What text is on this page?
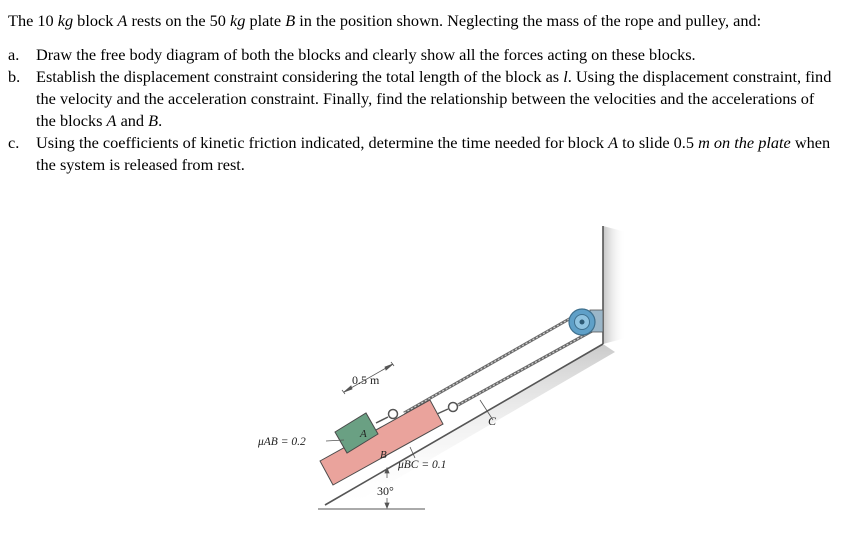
The 10 kg block A rests on the 50 kg plate B in the position shown. Neglecting the mass of the rope and pulley, and:

a. Draw the free body diagram of both the blocks and clearly show all the forces acting on these blocks.
b. Establish the displacement constraint considering the total length of the block as l. Using the displacement constraint, find the velocity and the acceleration constraint. Finally, find the relationship between the velocities and the accelerations of the blocks A and B.
c. Using the coefficients of kinetic friction indicated, determine the time needed for block A to slide 0.5 m on the plate when the system is released from rest.
0.5 m
A
B
C
μAB = 0.2
μBC = 0.1
30°
